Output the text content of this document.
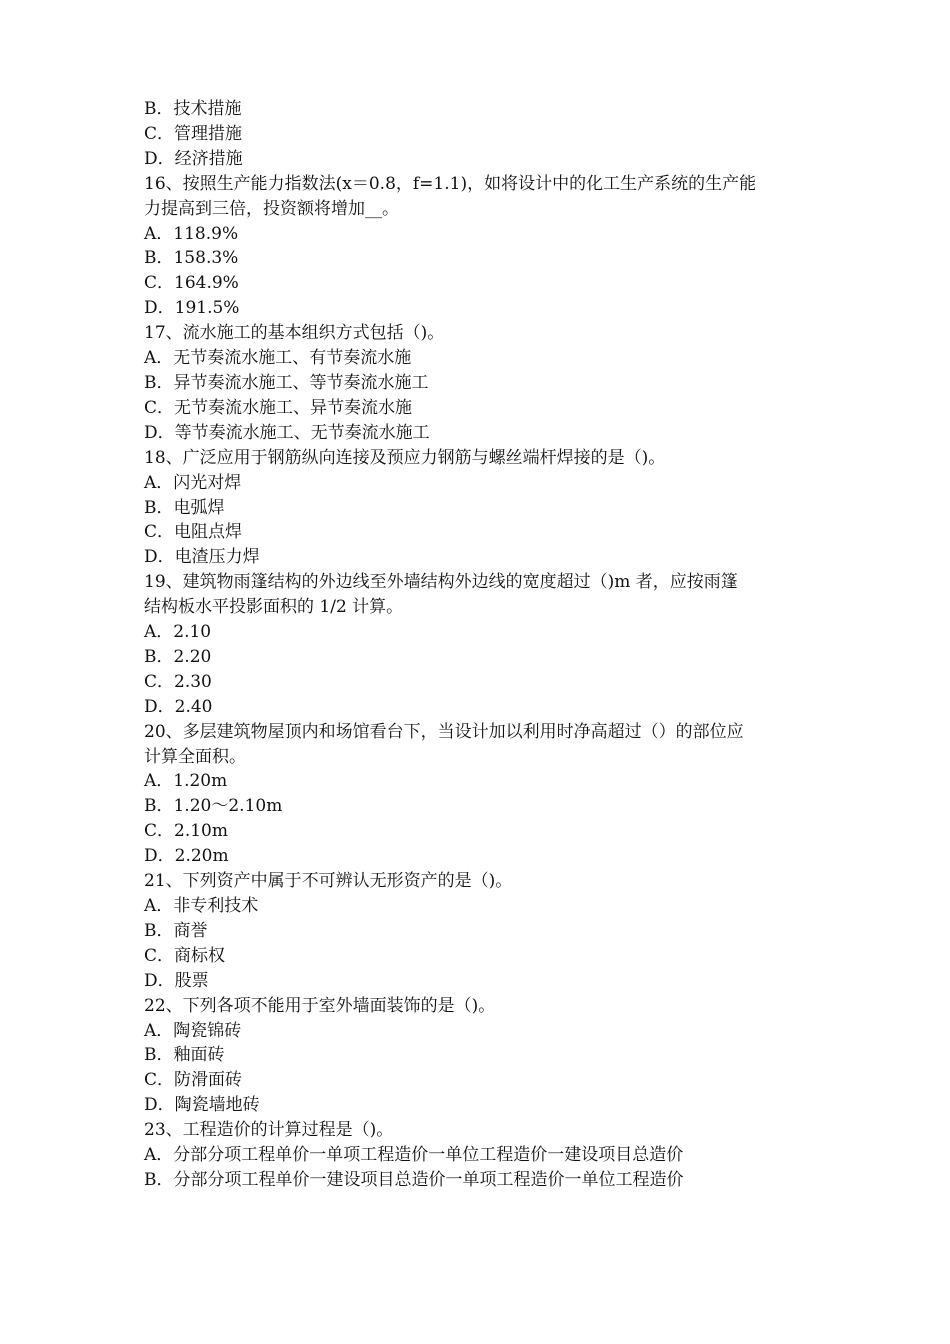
B．技术措施
C．管理措施
D．经济措施
16、按照生产能力指数法(x＝0.8，f=1.1)，如将设计中的化工生产系统的生产能
力提高到三倍，投资额将增加__。
A．118.9%
B．158.3%
C．164.9%
D．191.5%
17、流水施工的基本组织方式包括（)。
A．无节奏流水施工、有节奏流水施
B．异节奏流水施工、等节奏流水施工
C．无节奏流水施工、异节奏流水施
D．等节奏流水施工、无节奏流水施工
18、广泛应用于钢筋纵向连接及预应力钢筋与螺丝端杆焊接的是（)。
A．闪光对焊
B．电弧焊
C．电阻点焊
D．电渣压力焊
19、建筑物雨篷结构的外边线至外墙结构外边线的宽度超过（)m 者，应按雨篷
结构板水平投影面积的 1/2 计算。
A．2.10
B．2.20
C．2.30
D．2.40
20、多层建筑物屋顶内和场馆看台下，当设计加以利用时净高超过（）的部位应
计算全面积。
A．1.20m
B．1.20～2.10m
C．2.10m
D．2.20m
21、下列资产中属于不可辨认无形资产的是（)。
A．非专利技术
B．商誉
C．商标权
D．股票
22、下列各项不能用于室外墙面装饰的是（)。
A．陶瓷锦砖
B．釉面砖
C．防滑面砖
D．陶瓷墙地砖
23、工程造价的计算过程是（)。
A．分部分项工程单价一单项工程造价一单位工程造价一建设项目总造价
B．分部分项工程单价一建设项目总造价一单项工程造价一单位工程造价
